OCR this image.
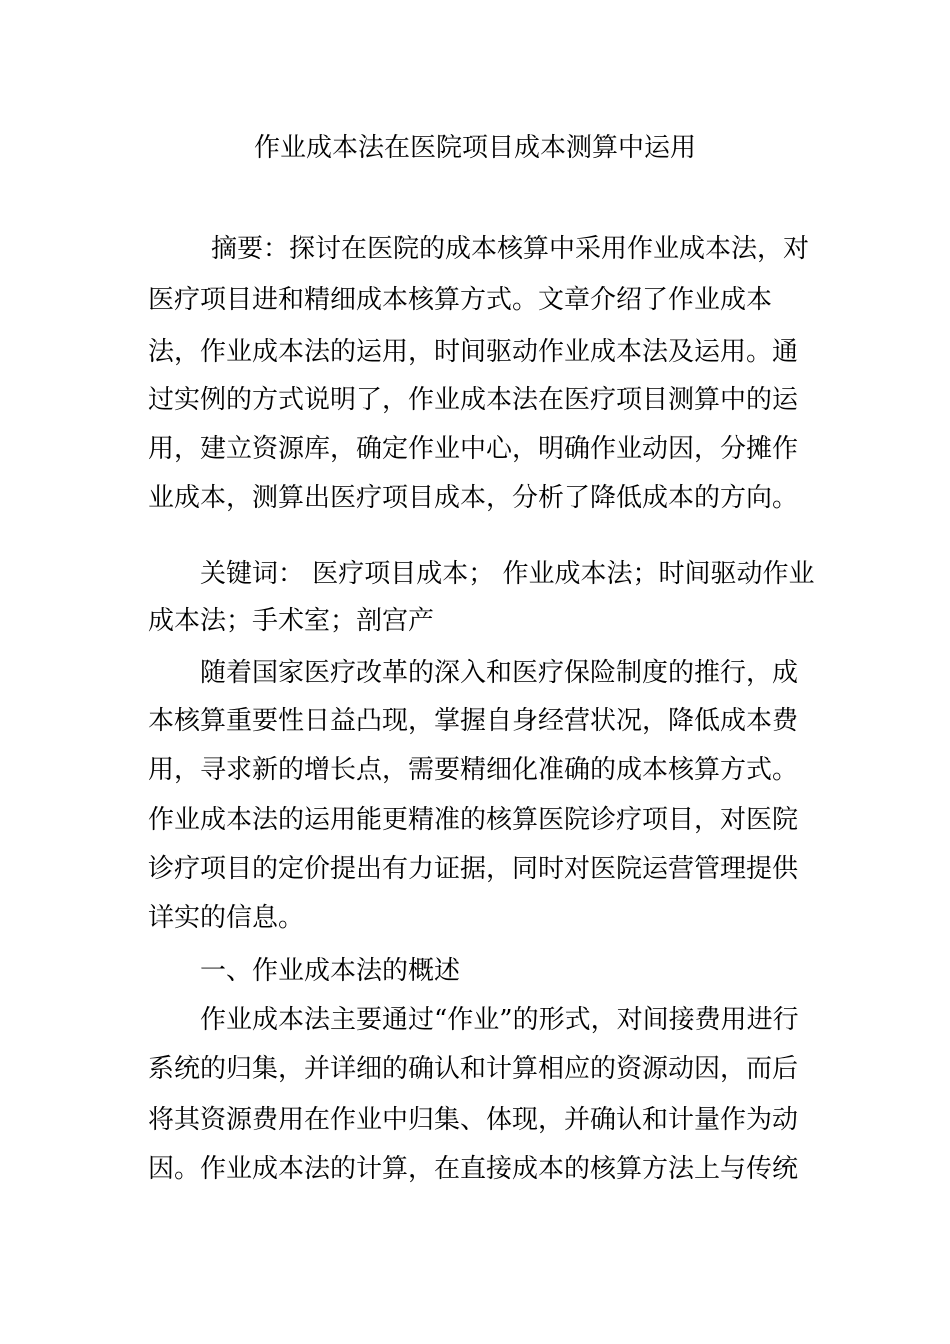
作业成本法在医院项目成本测算中运用

摘要：探讨在医院的成本核算中采用作业成本法，对

医疗项目进和精细成本核算方式。文章介绍了作业成本

法，作业成本法的运用，时间驱动作业成本法及运用。通

过实例的方式说明了，作业成本法在医疗项目测算中的运

用，建立资源库，确定作业中心，明确作业动因，分摊作

业成本，测算出医疗项目成本，分析了降低成本的方向。

关键词： 医疗项目成本； 作业成本法；时间驱动作业

成本法；手术室；剖宫产

随着国家医疗改革的深入和医疗保险制度的推行，成

本核算重要性日益凸现，掌握自身经营状况，降低成本费

用，寻求新的增长点，需要精细化准确的成本核算方式。

作业成本法的运用能更精准的核算医院诊疗项目，对医院

诊疗项目的定价提出有力证据，同时对医院运营管理提供

详实的信息。

一、作业成本法的概述

作业成本法主要通过“作业”的形式，对间接费用进行

系统的归集，并详细的确认和计算相应的资源动因，而后

将其资源费用在作业中归集、体现，并确认和计量作为动

因。作业成本法的计算，在直接成本的核算方法上与传统
